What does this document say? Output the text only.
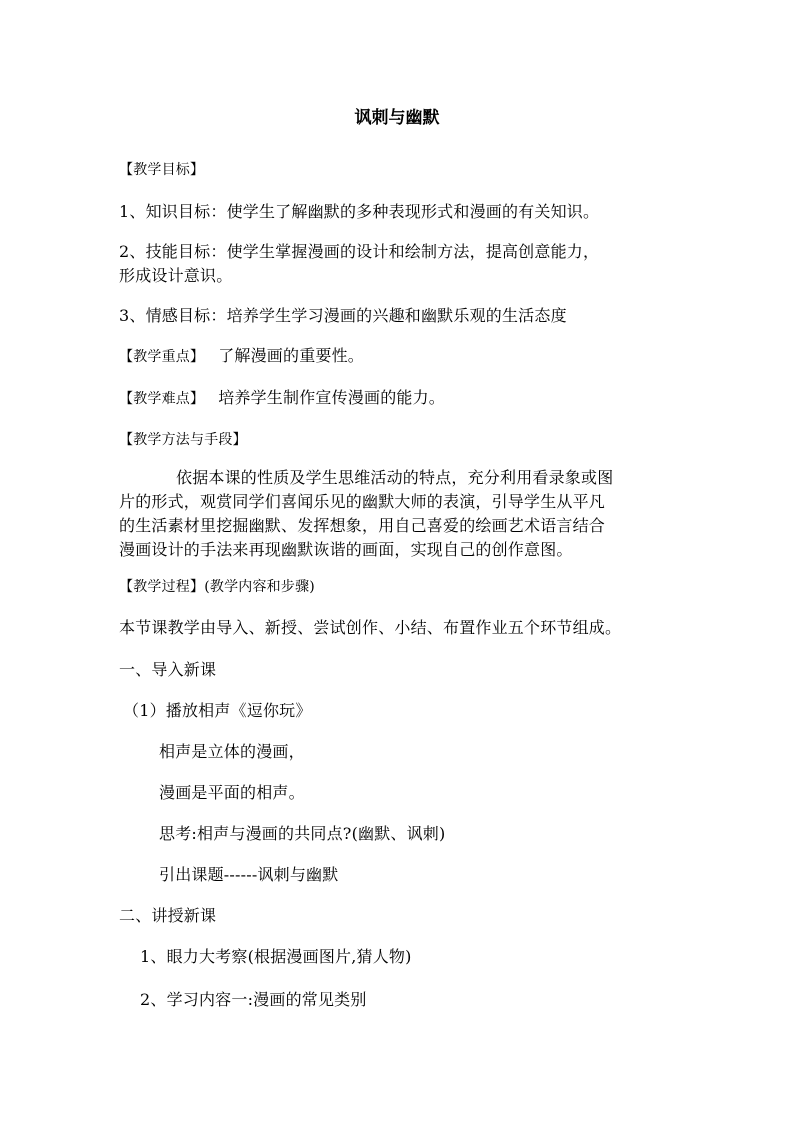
讽刺与幽默
【教学目标】
1、知识目标：使学生了解幽默的多种表现形式和漫画的有关知识。
2、技能目标：使学生掌握漫画的设计和绘制方法，提高创意能力，
形成设计意识。
3、情感目标：培养学生学习漫画的兴趣和幽默乐观的生活态度
【教学重点】 了解漫画的重要性。
【教学难点】 培养学生制作宣传漫画的能力。
【教学方法与手段】
依据本课的性质及学生思维活动的特点，充分利用看录象或图
片的形式，观赏同学们喜闻乐见的幽默大师的表演，引导学生从平凡
的生活素材里挖掘幽默、发挥想象，用自己喜爱的绘画艺术语言结合
漫画设计的手法来再现幽默诙谐的画面，实现自己的创作意图。
【教学过程】(教学内容和步骤)
本节课教学由导入、新授、尝试创作、小结、布置作业五个环节组成。
一、导入新课
（1）播放相声《逗你玩》
相声是立体的漫画，
漫画是平面的相声。
思考:相声与漫画的共同点?(幽默、讽刺)
引出课题------讽刺与幽默
二、讲授新课
1、眼力大考察(根据漫画图片,猜人物)
2、学习内容一:漫画的常见类别
